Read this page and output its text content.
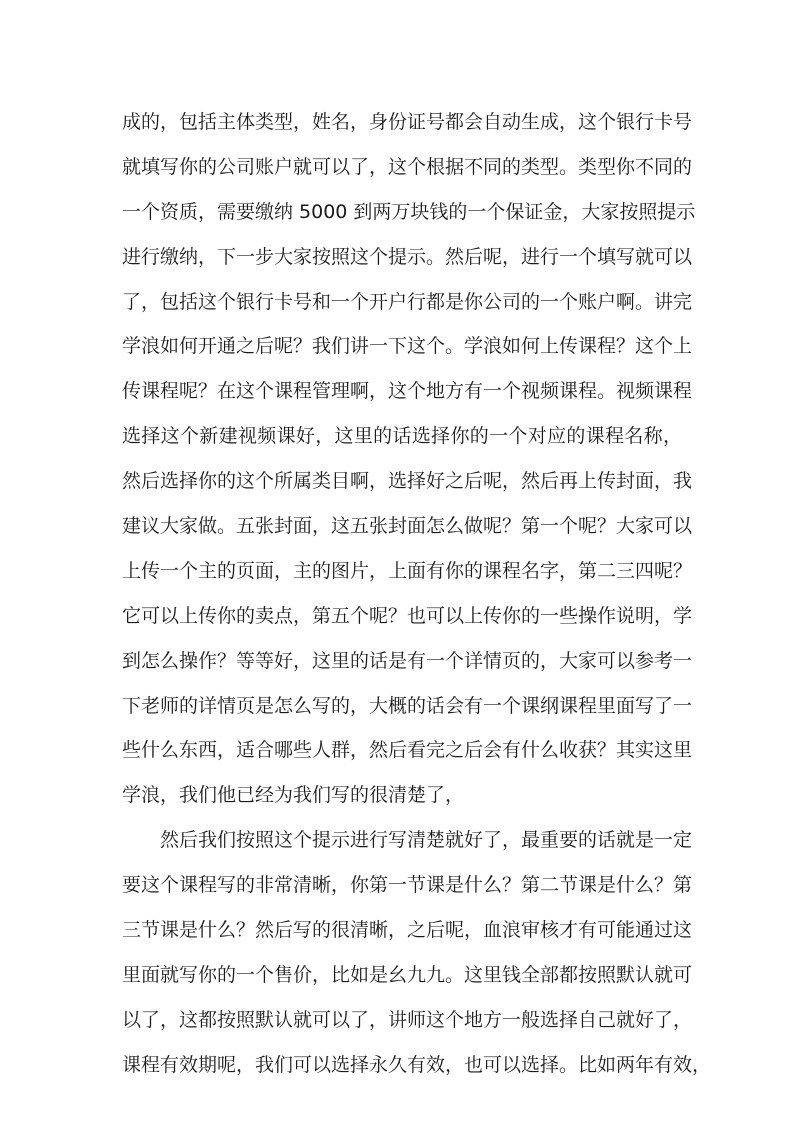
成的，包括主体类型，姓名，身份证号都会自动生成，这个银行卡号
就填写你的公司账户就可以了，这个根据不同的类型。类型你不同的
一个资质，需要缴纳 5000 到两万块钱的一个保证金，大家按照提示
进行缴纳，下一步大家按照这个提示。然后呢，进行一个填写就可以
了，包括这个银行卡号和一个开户行都是你公司的一个账户啊。讲完
学浪如何开通之后呢？我们讲一下这个。学浪如何上传课程？这个上
传课程呢？在这个课程管理啊，这个地方有一个视频课程。视频课程
选择这个新建视频课好，这里的话选择你的一个对应的课程名称，
然后选择你的这个所属类目啊，选择好之后呢，然后再上传封面，我
建议大家做。五张封面，这五张封面怎么做呢？第一个呢？大家可以
上传一个主的页面，主的图片，上面有你的课程名字，第二三四呢？
它可以上传你的卖点，第五个呢？也可以上传你的一些操作说明，学
到怎么操作？等等好，这里的话是有一个详情页的，大家可以参考一
下老师的详情页是怎么写的，大概的话会有一个课纲课程里面写了一
些什么东西，适合哪些人群，然后看完之后会有什么收获？其实这里
学浪，我们他已经为我们写的很清楚了，
然后我们按照这个提示进行写清楚就好了，最重要的话就是一定
要这个课程写的非常清晰，你第一节课是什么？第二节课是什么？第
三节课是什么？然后写的很清晰，之后呢，血浪审核才有可能通过这
里面就写你的一个售价，比如是幺九九。这里钱全部都按照默认就可
以了，这都按照默认就可以了，讲师这个地方一般选择自己就好了，
课程有效期呢，我们可以选择永久有效，也可以选择。比如两年有效，
